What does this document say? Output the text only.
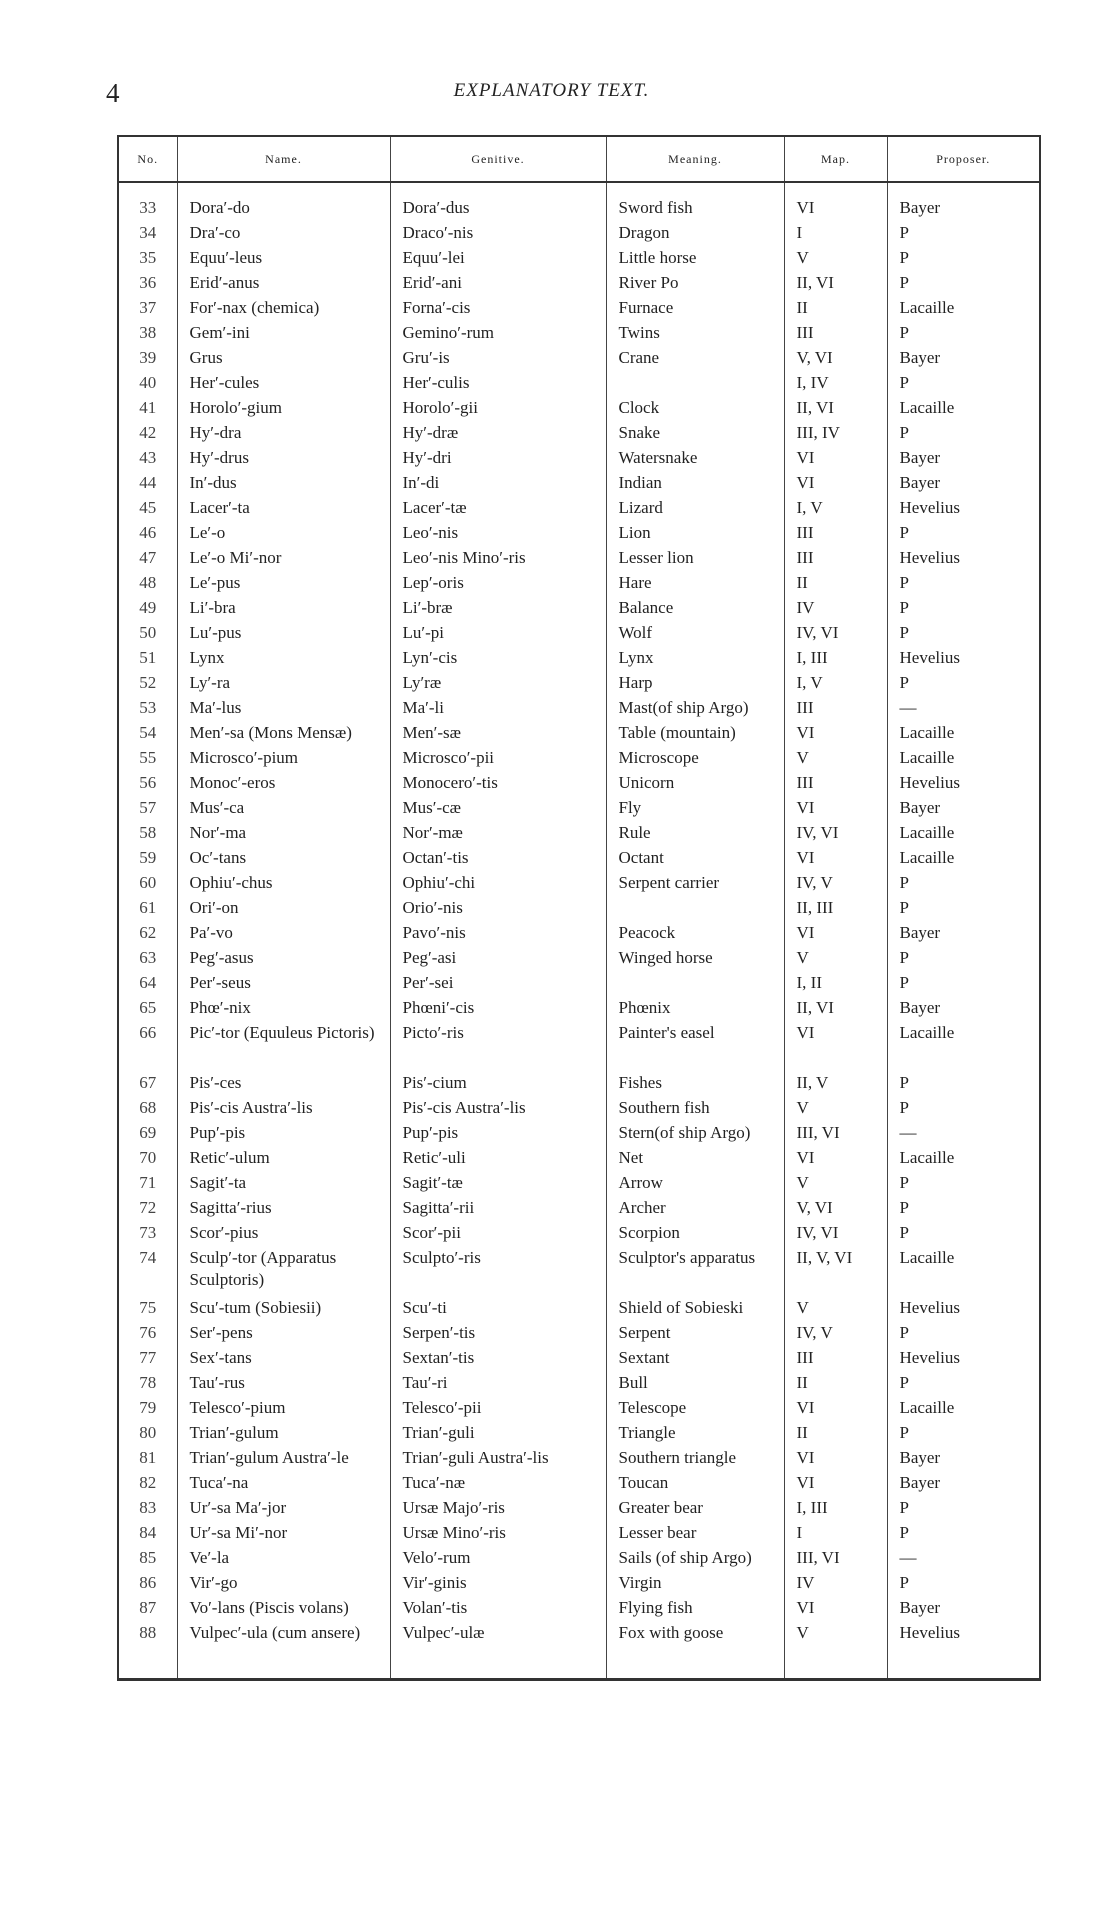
4	EXPLANATORY TEXT.
No.	Name.	Genitive.	Meaning.	Map.	Proposer.

33	Dora′-do	Dora′-dus	Sword fish	VI	Bayer
34	Dra′-co	Draco′-nis	Dragon	I	P
35	Equu′-leus	Equu′-lei	Little horse	V	P
36	Erid′-anus	Erid′-ani	River Po	II, VI	P
37	For′-nax (chemica)	Forna′-cis	Furnace	II	Lacaille
38	Gem′-ini	Gemino′-rum	Twins	III	P
39	Grus	Gru′-is	Crane	V, VI	Bayer
40	Her′-cules	Her′-culis		I, IV	P
41	Horolo′-gium	Horolo′-gii	Clock	II, VI	Lacaille
42	Hy′-dra	Hy′-dræ	Snake	III, IV	P
43	Hy′-drus	Hy′-dri	Watersnake	VI	Bayer
44	In′-dus	In′-di	Indian	VI	Bayer
45	Lacer′-ta	Lacer′-tæ	Lizard	I, V	Hevelius
46	Le′-o	Leo′-nis	Lion	III	P
47	Le′-o Mi′-nor	Leo′-nis Mino′-ris	Lesser lion	III	Hevelius
48	Le′-pus	Lep′-oris	Hare	II	P
49	Li′-bra	Li′-bræ	Balance	IV	P
50	Lu′-pus	Lu′-pi	Wolf	IV, VI	P
51	Lynx	Lyn′-cis	Lynx	I, III	Hevelius
52	Ly′-ra	Ly′ræ	Harp	I, V	P
53	Ma′-lus	Ma′-li	Mast(of ship Argo)	III	—
54	Men′-sa (Mons Mensæ)	Men′-sæ	Table (mountain)	VI	Lacaille
55	Microsco′-pium	Microsco′-pii	Microscope	V	Lacaille
56	Monoc′-eros	Monocero′-tis	Unicorn	III	Hevelius
57	Mus′-ca	Mus′-cæ	Fly	VI	Bayer
58	Nor′-ma	Nor′-mæ	Rule	IV, VI	Lacaille
59	Oc′-tans	Octan′-tis	Octant	VI	Lacaille
60	Ophiu′-chus	Ophiu′-chi	Serpent carrier	IV, V	P
61	Ori′-on	Orio′-nis		II, III	P
62	Pa′-vo	Pavo′-nis	Peacock	VI	Bayer
63	Peg′-asus	Peg′-asi	Winged horse	V	P
64	Per′-seus	Per′-sei		I, II	P
65	Phœ′-nix	Phœni′-cis	Phœnix	II, VI	Bayer
66	Pic′-tor (Equuleus Pictoris)	Picto′-ris	Painter's easel	VI	Lacaille
67	Pis′-ces	Pis′-cium	Fishes	II, V	P
68	Pis′-cis Austra′-lis	Pis′-cis Austra′-lis	Southern fish	V	P
69	Pup′-pis	Pup′-pis	Stern(of ship Argo)	III, VI	—
70	Retic′-ulum	Retic′-uli	Net	VI	Lacaille
71	Sagit′-ta	Sagit′-tæ	Arrow	V	P
72	Sagitta′-rius	Sagitta′-rii	Archer	V, VI	P
73	Scor′-pius	Scor′-pii	Scorpion	IV, VI	P
74	Sculp′-tor (Apparatus Sculptoris)	Sculpto′-ris	Sculptor's apparatus	II, V, VI	Lacaille
75	Scu′-tum (Sobiesii)	Scu′-ti	Shield of Sobieski	V	Hevelius
76	Ser′-pens	Serpen′-tis	Serpent	IV, V	P
77	Sex′-tans	Sextan′-tis	Sextant	III	Hevelius
78	Tau′-rus	Tau′-ri	Bull	II	P
79	Telesco′-pium	Telesco′-pii	Telescope	VI	Lacaille
80	Trian′-gulum	Trian′-guli	Triangle	II	P
81	Trian′-gulum Austra′-le	Trian′-guli Austra′-lis	Southern triangle	VI	Bayer
82	Tuca′-na	Tuca′-næ	Toucan	VI	Bayer
83	Ur′-sa Ma′-jor	Ursæ Majo′-ris	Greater bear	I, III	P
84	Ur′-sa Mi′-nor	Ursæ Mino′-ris	Lesser bear	I	P
85	Ve′-la	Velo′-rum	Sails (of ship Argo)	III, VI	—
86	Vir′-go	Vir′-ginis	Virgin	IV	P
87	Vo′-lans (Piscis volans)	Volan′-tis	Flying fish	VI	Bayer
88	Vulpec′-ula (cum ansere)	Vulpec′-ulæ	Fox with goose	V	Hevelius
